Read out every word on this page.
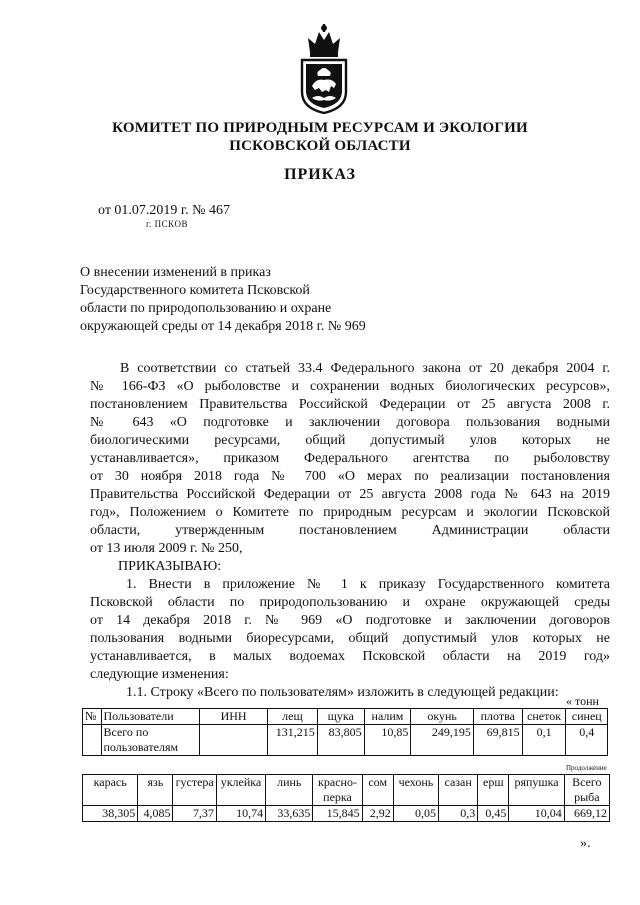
КОМИТЕТ ПО ПРИРОДНЫМ РЕСУРСАМ И ЭКОЛОГИИ
ПСКОВСКОЙ ОБЛАСТИ
ПРИКАЗ
от 01.07.2019 г. № 467
г. ПСКОВ
О внесении изменений в приказ
Государственного комитета Псковской
области по природопользованию и охране
окружающей среды от 14 декабря 2018 г. № 969
В соответствии со статьей 33.4 Федерального закона от 20 декабря 2004 г.
№ 166-ФЗ «О рыболовстве и сохранении водных биологических ресурсов»,
постановлением Правительства Российской Федерации от 25 августа 2008 г.
№ 643 «О подготовке и заключении договора пользования водными
биологическими ресурсами, общий допустимый улов которых не
устанавливается», приказом Федерального агентства по рыболовству
от 30 ноября 2018 года № 700 «О мерах по реализации постановления
Правительства Российской Федерации от 25 августа 2008 года № 643 на 2019
год», Положением о Комитете по природным ресурсам и экологии Псковской
области, утвержденным постановлением Администрации области
от 13 июля 2009 г. № 250,
ПРИКАЗЫВАЮ:
1. Внести в приложение № 1 к приказу Государственного комитета
Псковской области по природопользованию и охране окружающей среды
от 14 декабря 2018 г. № 969 «О подготовке и заключении договоров
пользования водными биоресурсами, общий допустимый улов которых не
устанавливается, в малых водоемах Псковской области на 2019 год»
следующие изменения:
1.1. Строку «Всего по пользователям» изложить в следующей редакции:
« тонн
№	Пользователи	ИНН	лещ	щука	налим	окунь	плотва	снеток	синец
	Всего по пользователям		131,215	83,805	10,85	249,195	69,815	0,1	0,4
Продолжение
карась	язь	густера	уклейка	линь	красно-перка	сом	чехонь	сазан	ерш	ряпушка	Всего рыба
38,305	4,085	7,37	10,74	33,635	15,845	2,92	0,05	0,3	0,45	10,04	669,12
».
